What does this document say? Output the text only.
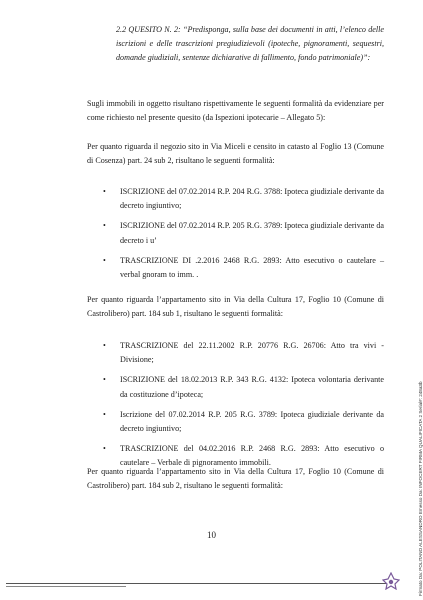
2.2 QUESITO N. 2: “Predisponga, sulla base dei documenti in atti, l’elenco delle iscrizioni e delle trascrizioni pregiudizievoli (ipoteche, pignoramenti, sequestri, domande giudiziali, sentenze dichiarative di fallimento, fondo patrimoniale)”:

Sugli immobili in oggetto risultano rispettivamente le seguenti formalità da evidenziare per come richiesto nel presente quesito (da Ispezioni ipotecarie – Allegato 5):

Per quanto riguarda il negozio sito in Via Miceli e censito in catasto al Foglio 13 (Comune di Cosenza) part. 24 sub 2, risultano le seguenti formalità:

• ISCRIZIONE del 07.02.2014 R.P. 204 R.G. 3788: Ipoteca giudiziale derivante da decreto ingiuntivo;
• ISCRIZIONE del 07.02.2014 R.P. 205 R.G. 3789: Ipoteca giudiziale derivante da decreto i u’
• TRASCRIZIONE DI .2.2016 2468 R.G. 2893: Atto esecutivo o cautelare – verbal gnoram to imm. .

Per quanto riguarda l’appartamento sito in Via della Cultura 17, Foglio 10 (Comune di Castrolibero) part. 184 sub 1, risultano le seguenti formalità:

• TRASCRIZIONE del 22.11.2002 R.P. 20776 R.G. 26706: Atto tra vivi - Divisione;
• ISCRIZIONE del 18.02.2013 R.P. 343 R.G. 4132: Ipoteca volontaria derivante da costituzione d’ipoteca;
• Iscrizione del 07.02.2014 R.P. 205 R.G. 3789: Ipoteca giudiziale derivante da decreto ingiuntivo;
• TRASCRIZIONE del 04.02.2016 R.P. 2468 R.G. 2893: Atto esecutivo o cautelare – Verbale di pignoramento immobili.

Per quanto riguarda l’appartamento sito in Via della Cultura 17, Foglio 10 (Comune di Castrolibero) part. 184 sub 2, risultano le seguenti formalità:

10	Firmato Da: POLITANO ALESSANDRO Emesso Da: INFOCERT FIRMA QUALIFICATA 2 Serial#: 248a3b
